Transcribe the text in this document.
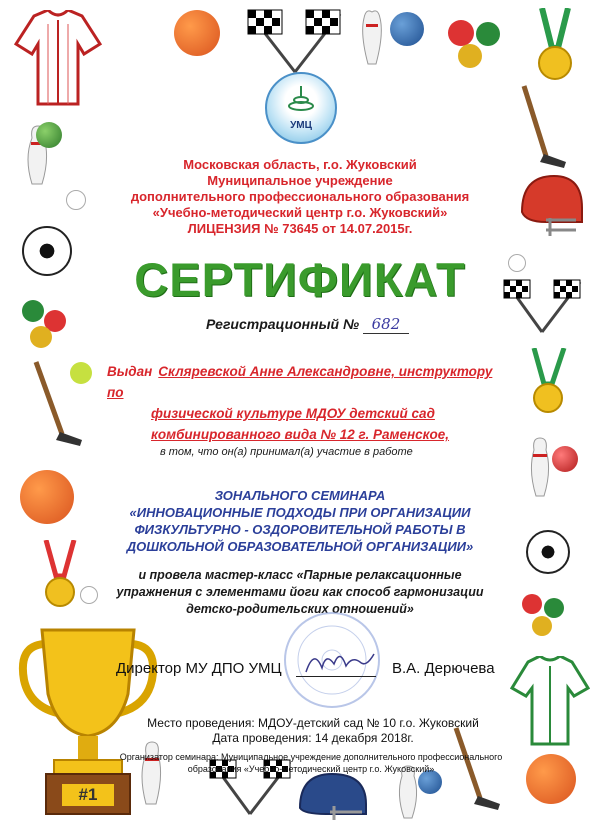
#1
УМЦ
Московская область, г.о. Жуковский
Муниципальное учреждение
дополнительного профессионального образования
«Учебно-методический центр г.о. Жуковский»
ЛИЦЕНЗИЯ № 73645 от 14.07.2015г.
СЕРТИФИКАТ
Регистрационный № 682
Выдан Скляревской Анне Александровне, инструктору по
физической культуре МДОУ детский сад
комбинированного вида № 12 г. Раменское,
в том, что он(а) принимал(а) участие в работе
ЗОНАЛЬНОГО СЕМИНАРА
«ИННОВАЦИОННЫЕ ПОДХОДЫ ПРИ ОРГАНИЗАЦИИ
ФИЗКУЛЬТУРНО - ОЗДОРОВИТЕЛЬНОЙ РАБОТЫ В
ДОШКОЛЬНОЙ ОБРАЗОВАТЕЛЬНОЙ ОРГАНИЗАЦИИ»
и провела мастер-класс «Парные релаксационные
упражнения с элементами йоги как способ гармонизации
детско-родительских отношений»
Директор МУ ДПО УМЦ	В.А. Дерючева
Место проведения: МДОУ-детский сад № 10 г.о. Жуковский
Дата проведения: 14 декабря 2018г.
Организатор семинара: Муниципальное учреждение дополнительного профессионального
образования «Учебно-методический центр г.о. Жуковский»
